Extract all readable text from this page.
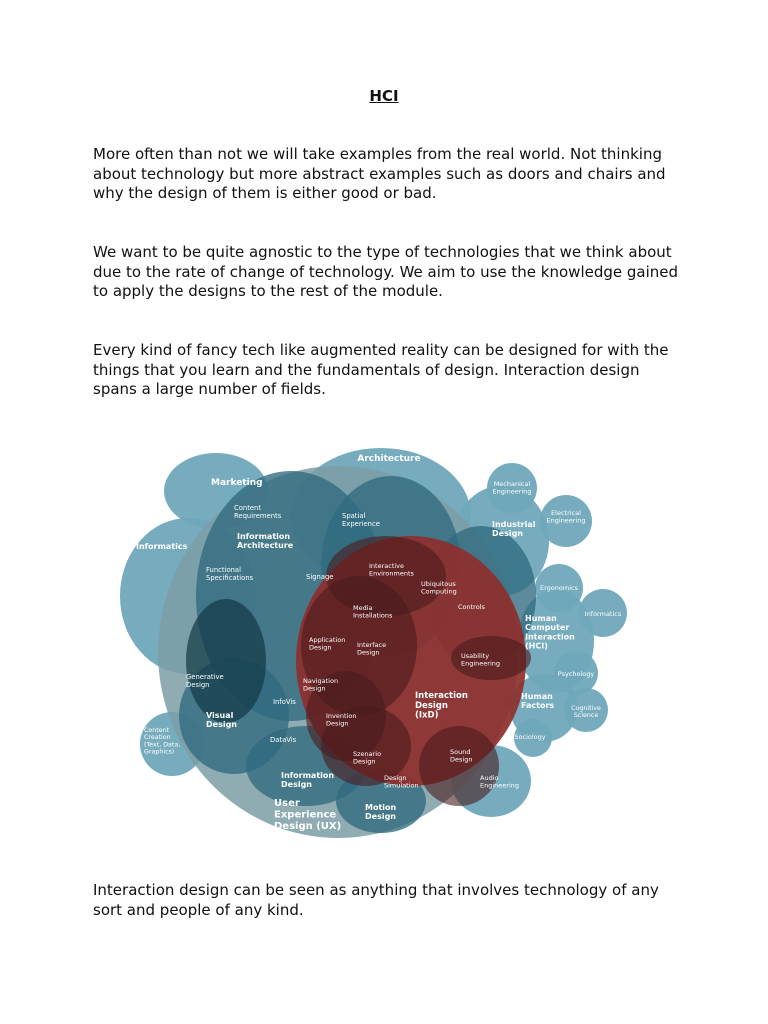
HCI

More often than not we will take examples from the real world. Not thinking about technology but more abstract examples such as doors and chairs and why the design of them is either good or bad.

We want to be quite agnostic to the type of technologies that we think about due to the rate of change of technology. We aim to use the knowledge gained to apply the designs to the rest of the module.

Every kind of fancy tech like augmented reality can be designed for with the things that you learn and the fundamentals of design. Interaction design spans a large number of fields.

Marketing
Architecture
Mechanical Engineering
Electrical Engineering
Industrial Design
Informatics
Content Requirements	Spatial Experience
Information Architecture
Functional Specifications	Signage
Interactive Environments
Ubiquitous Computing	Ergonomics
Informatics
Media Installations
Controls
Human Computer Interaction (HCI)
Application Design	Interface Design	Usability Engineering
Psychology
Generative Design	Navigation Design
Interaction Design (IxD)
Human Factors	Cognitive Science
InfoVis
Visual Design
Invention Design
Content Creation (Text, Data, Graphics)
DataVis	Sociology
Szenario Design
Sound Design
Information Design
Design Simulation
Audio Engineering
User Experience Design (UX)
Motion Design

Interaction design can be seen as anything that involves technology of any sort and people of any kind.
